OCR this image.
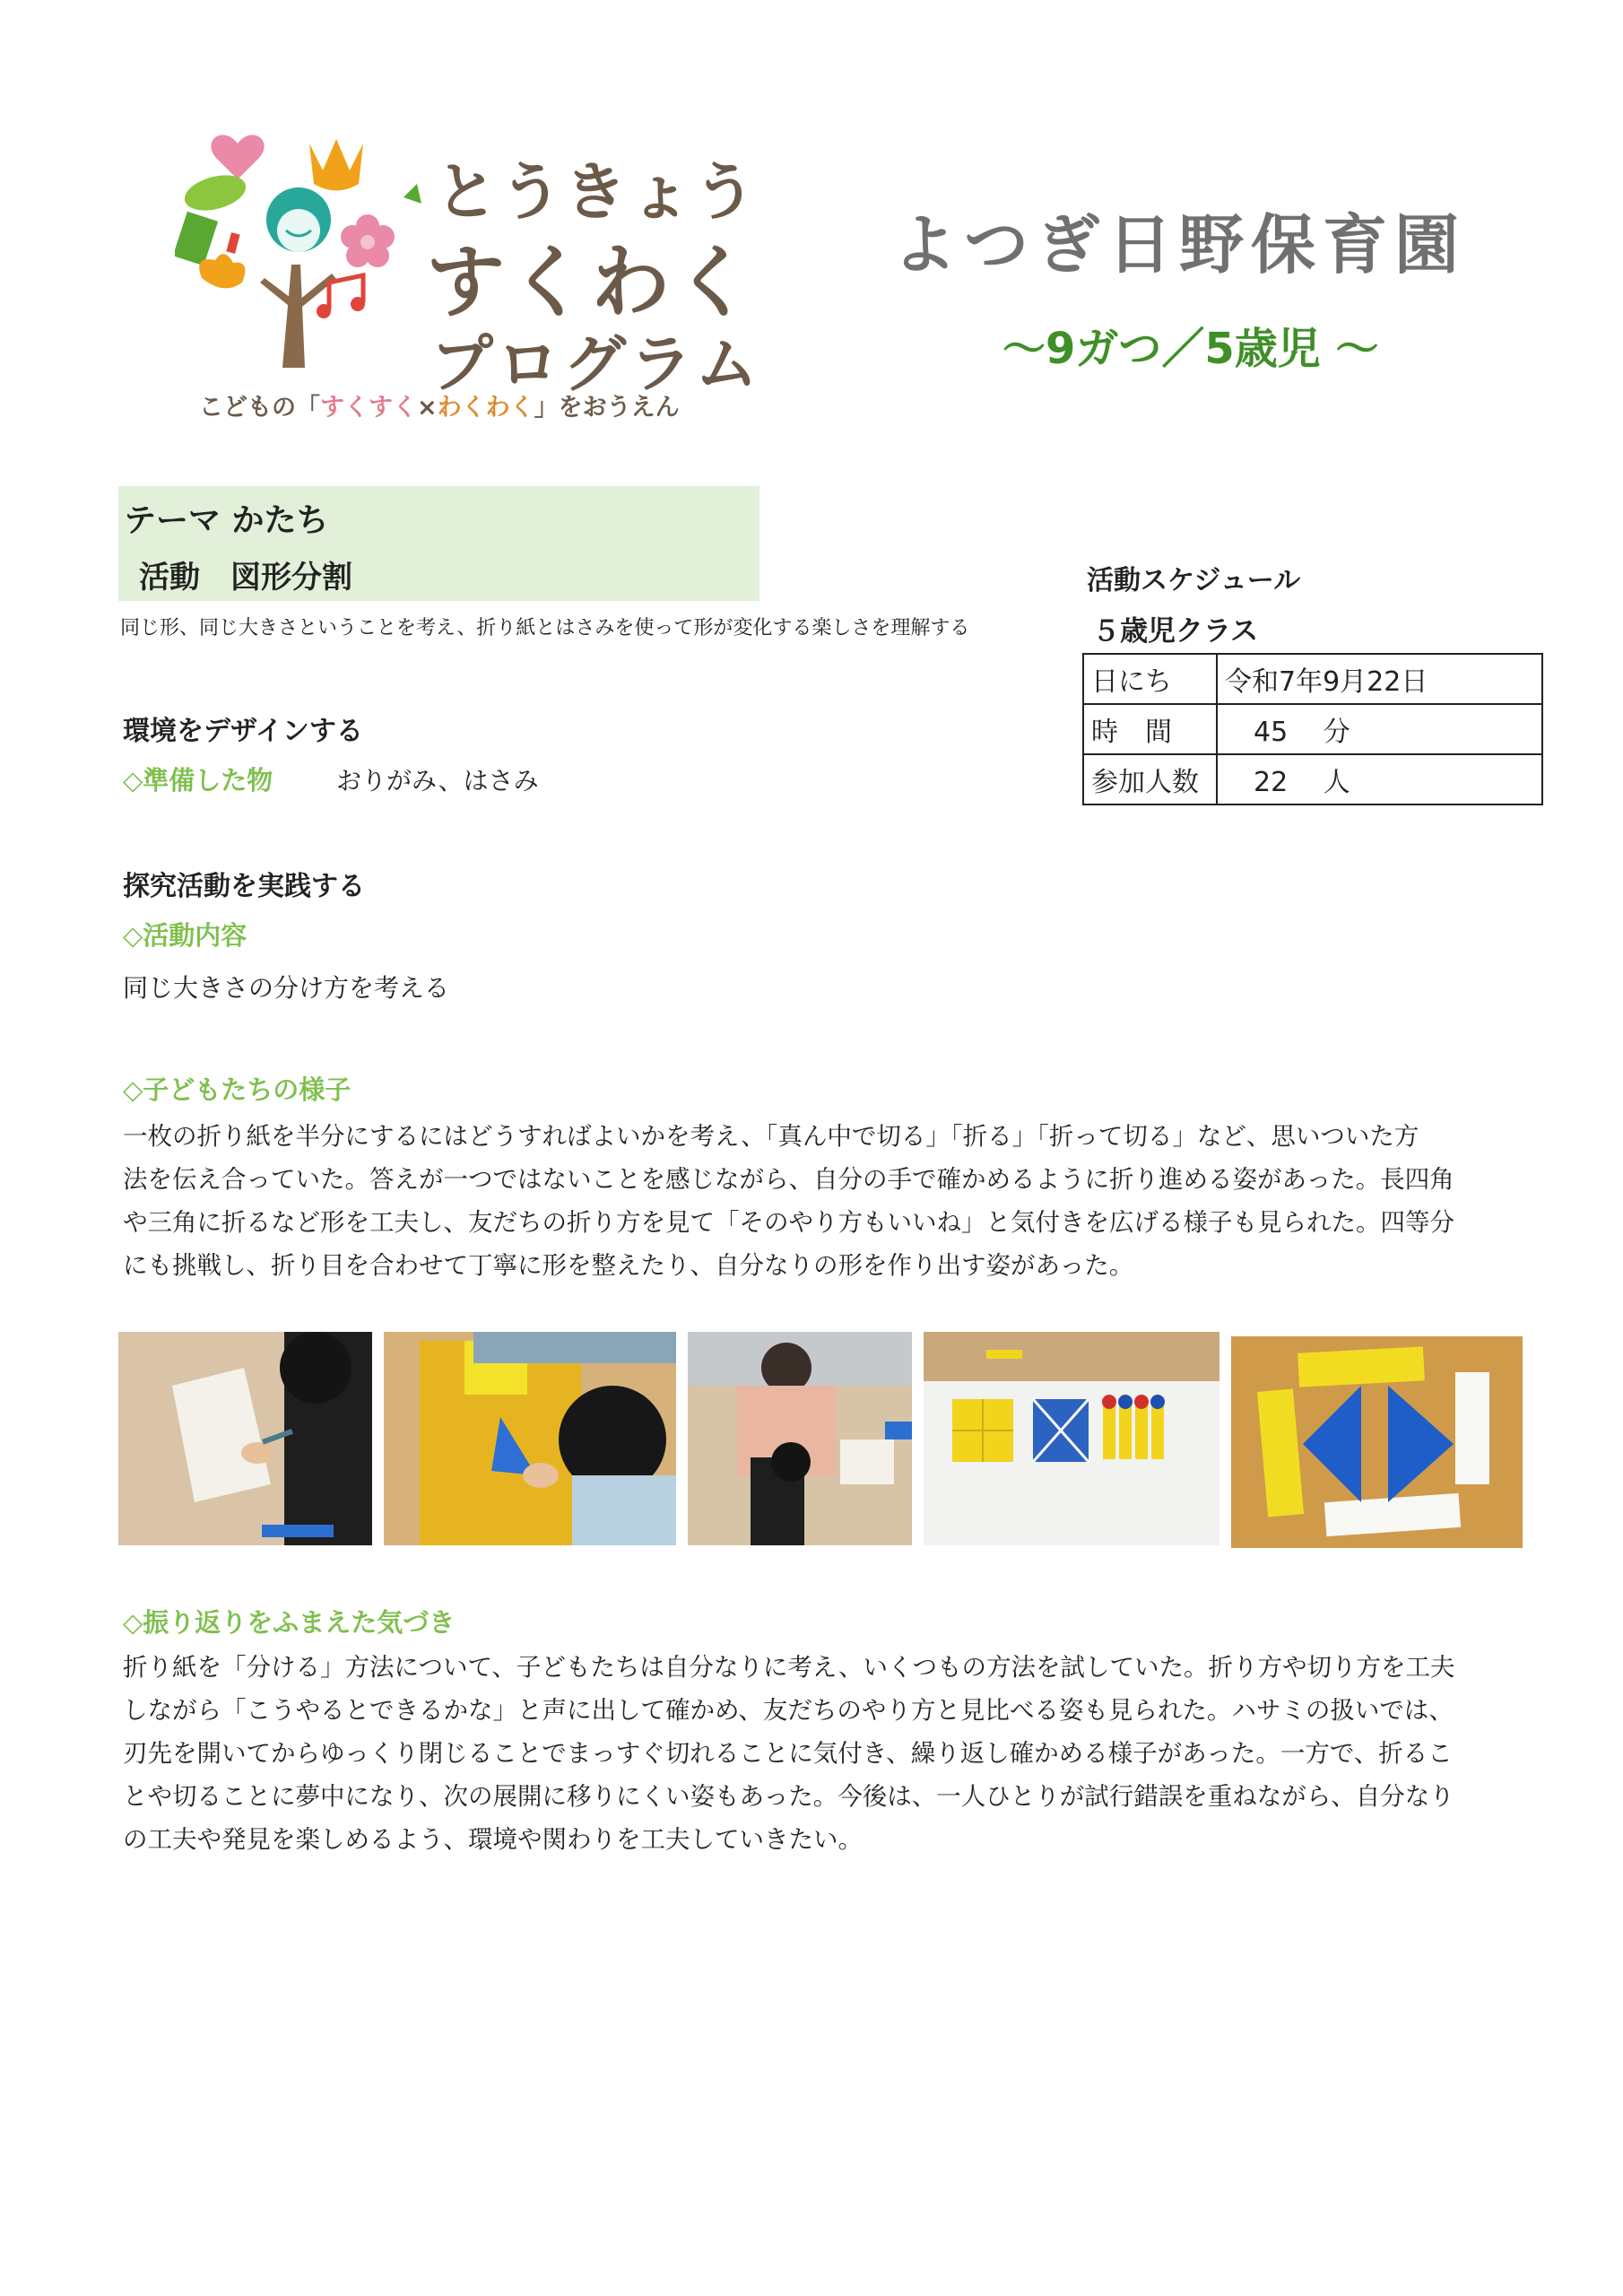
とうきょう
すくわく
プログラム
こどもの「すくすく×わくわく」をおうえん
よつぎ日野保育園
～9ガつ／5歳児 ～
テーマ かたち
活動　図形分割
同じ形、同じ大きさということを考え、折り紙とはさみを使って形が変化する楽しさを理解する
活動スケジュール
５歳児クラス
日にち	令和7年9月22日
時　間	45　 分
参加人数	22　 人
環境をデザインする
◇準備した物	おりがみ、はさみ
探究活動を実践する
◇活動内容
同じ大きさの分け方を考える
◇子どもたちの様子
一枚の折り紙を半分にするにはどうすればよいかを考え、「真ん中で切る」「折る」「折って切る」など、思いついた方
法を伝え合っていた。答えが一つではないことを感じながら、自分の手で確かめるように折り進める姿があった。長四角
や三角に折るなど形を工夫し、友だちの折り方を見て「そのやり方もいいね」と気付きを広げる様子も見られた。四等分
にも挑戦し、折り目を合わせて丁寧に形を整えたり、自分なりの形を作り出す姿があった。
◇振り返りをふまえた気づき
折り紙を「分ける」方法について、子どもたちは自分なりに考え、いくつもの方法を試していた。折り方や切り方を工夫
しながら「こうやるとできるかな」と声に出して確かめ、友だちのやり方と見比べる姿も見られた。ハサミの扱いでは、
刃先を開いてからゆっくり閉じることでまっすぐ切れることに気付き、繰り返し確かめる様子があった。一方で、折るこ
とや切ることに夢中になり、次の展開に移りにくい姿もあった。今後は、一人ひとりが試行錯誤を重ねながら、自分なり
の工夫や発見を楽しめるよう、環境や関わりを工夫していきたい。
